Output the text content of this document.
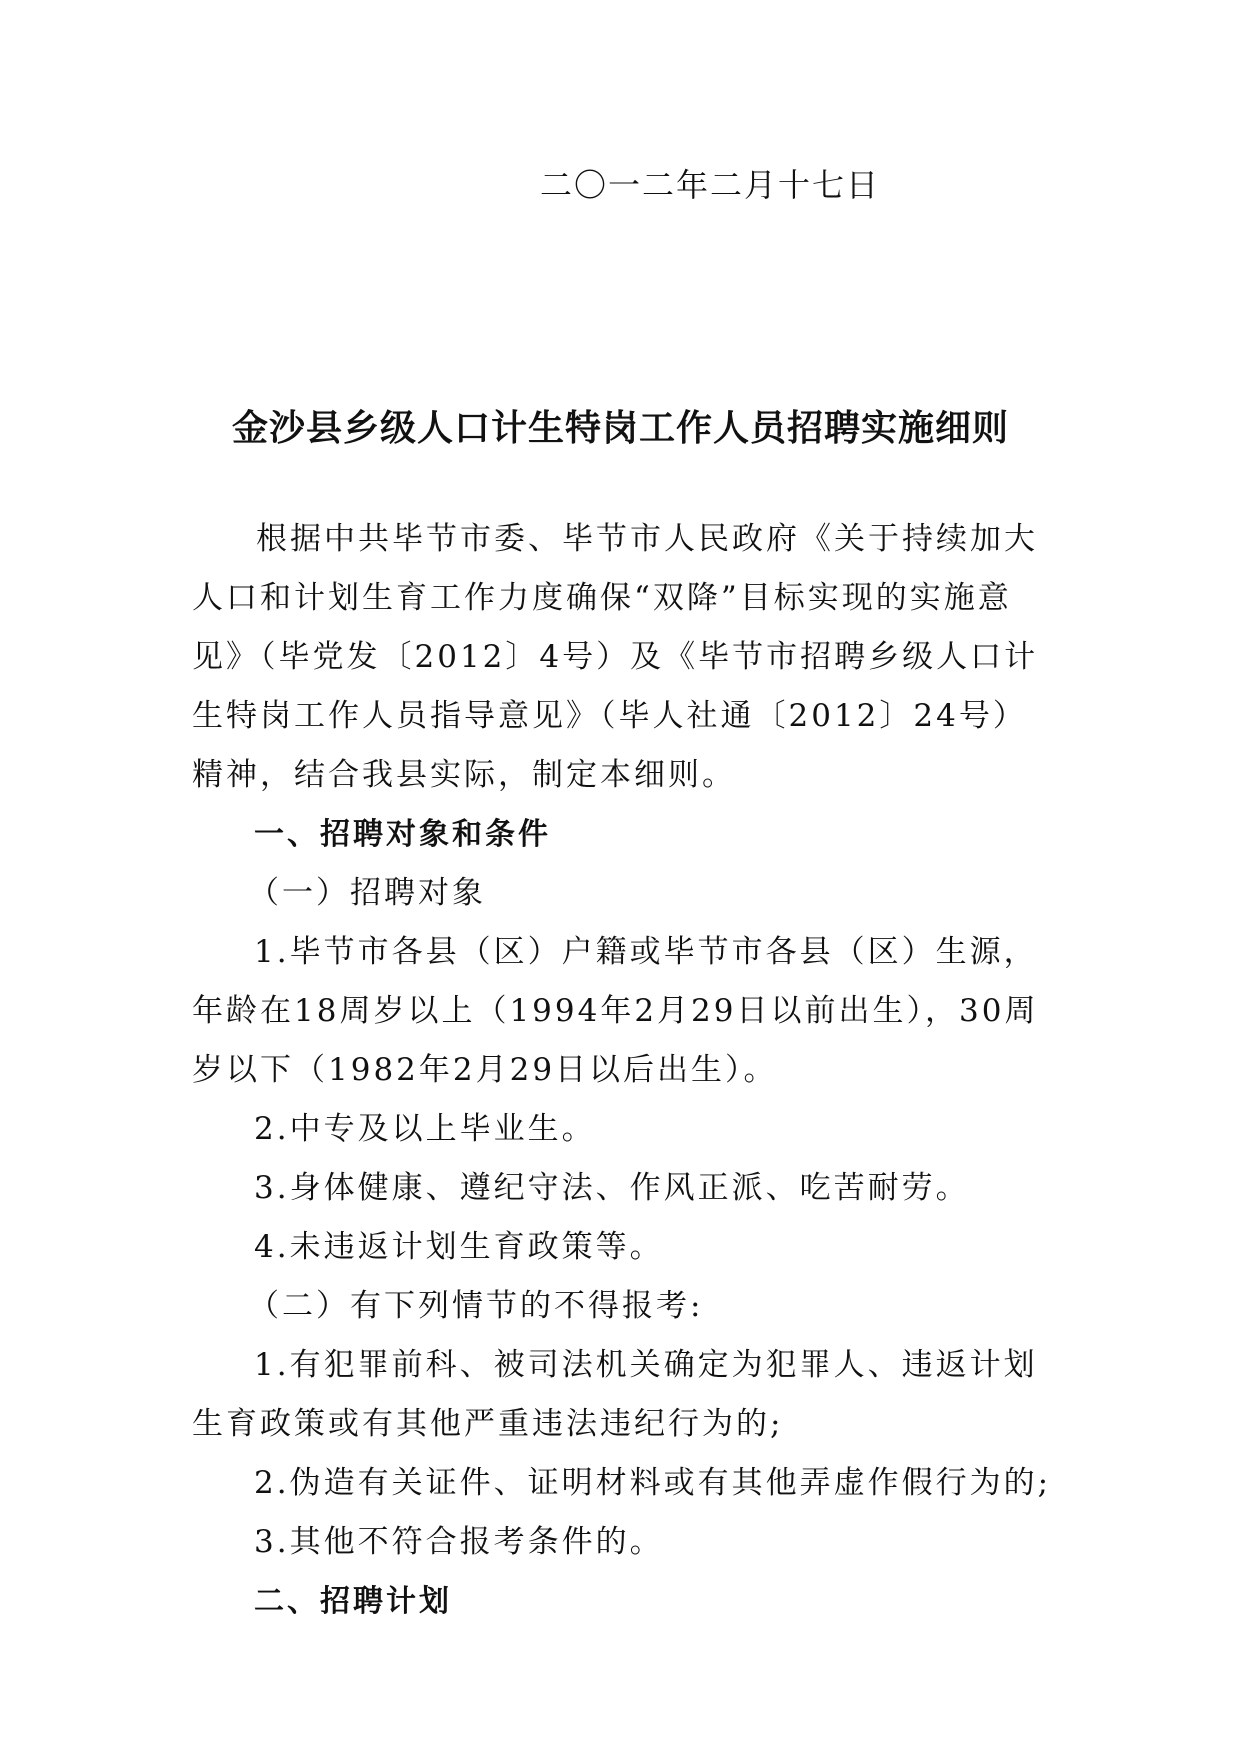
二〇一二年二月十七日
金沙县乡级人口计生特岗工作人员招聘实施细则

根据中共毕节市委、毕节市人民政府《关于持续加大人口和计划生育工作力度确保“双降”目标实现的实施意见》（毕党发〔2012〕4号）及《毕节市招聘乡级人口计生特岗工作人员指导意见》（毕人社通〔2012〕24号）精神，结合我县实际，制定本细则。

一、招聘对象和条件

（一）招聘对象

1.毕节市各县（区）户籍或毕节市各县（区）生源，年龄在18周岁以上（1994年2月29日以前出生），30周岁以下（1982年2月29日以后出生）。

2.中专及以上毕业生。

3.身体健康、遵纪守法、作风正派、吃苦耐劳。

4.未违返计划生育政策等。

（二）有下列情节的不得报考:

1.有犯罪前科、被司法机关确定为犯罪人、违返计划生育政策或有其他严重违法违纪行为的;

2.伪造有关证件、证明材料或有其他弄虚作假行为的;

3.其他不符合报考条件的。

二、招聘计划
